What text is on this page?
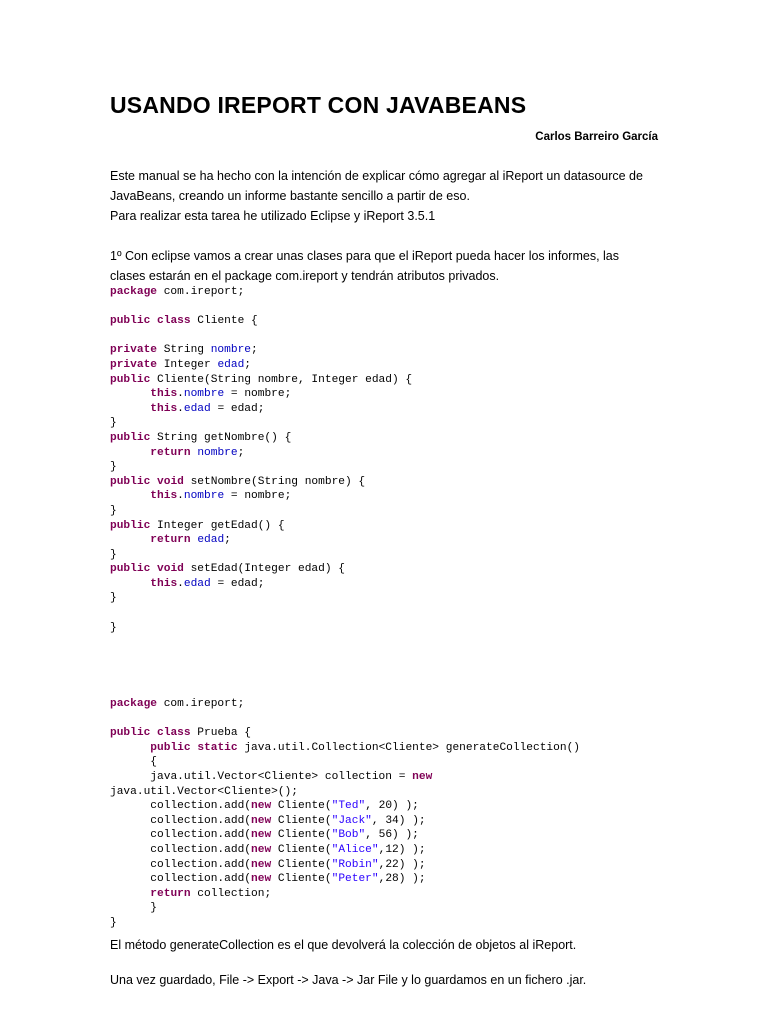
USANDO IREPORT CON JAVABEANS
Carlos Barreiro García
Este manual se ha hecho con la intención de explicar cómo agregar al iReport un datasource de
JavaBeans, creando un informe bastante sencillo a partir de eso.
Para realizar esta tarea he utilizado Eclipse y iReport 3.5.1
1º Con eclipse vamos a crear unas clases para que el iReport pueda hacer los informes, las
clases estarán en el package com.ireport y tendrán atributos privados.
package com.ireport;

public class Cliente {

private String nombre;
private Integer edad;
public Cliente(String nombre, Integer edad) {
	this.nombre = nombre;
	this.edad = edad;
}
public String getNombre() {
	return nombre;
}
public void setNombre(String nombre) {
	this.nombre = nombre;
}
public Integer getEdad() {
	return edad;
}
public void setEdad(Integer edad) {
	this.edad = edad;
}

}
package com.ireport;

public class Prueba {
	public static java.util.Collection<Cliente> generateCollection()
	{
	java.util.Vector<Cliente> collection = new
java.util.Vector<Cliente>();
	collection.add(new Cliente("Ted", 20) );
	collection.add(new Cliente("Jack", 34) );
	collection.add(new Cliente("Bob", 56) );
	collection.add(new Cliente("Alice",12) );
	collection.add(new Cliente("Robin",22) );
	collection.add(new Cliente("Peter",28) );
	return collection;
	}
}
El método generateCollection es el que devolverá la colección de objetos al iReport.
Una vez guardado, File -> Export -> Java -> Jar File y lo guardamos en un fichero .jar.
